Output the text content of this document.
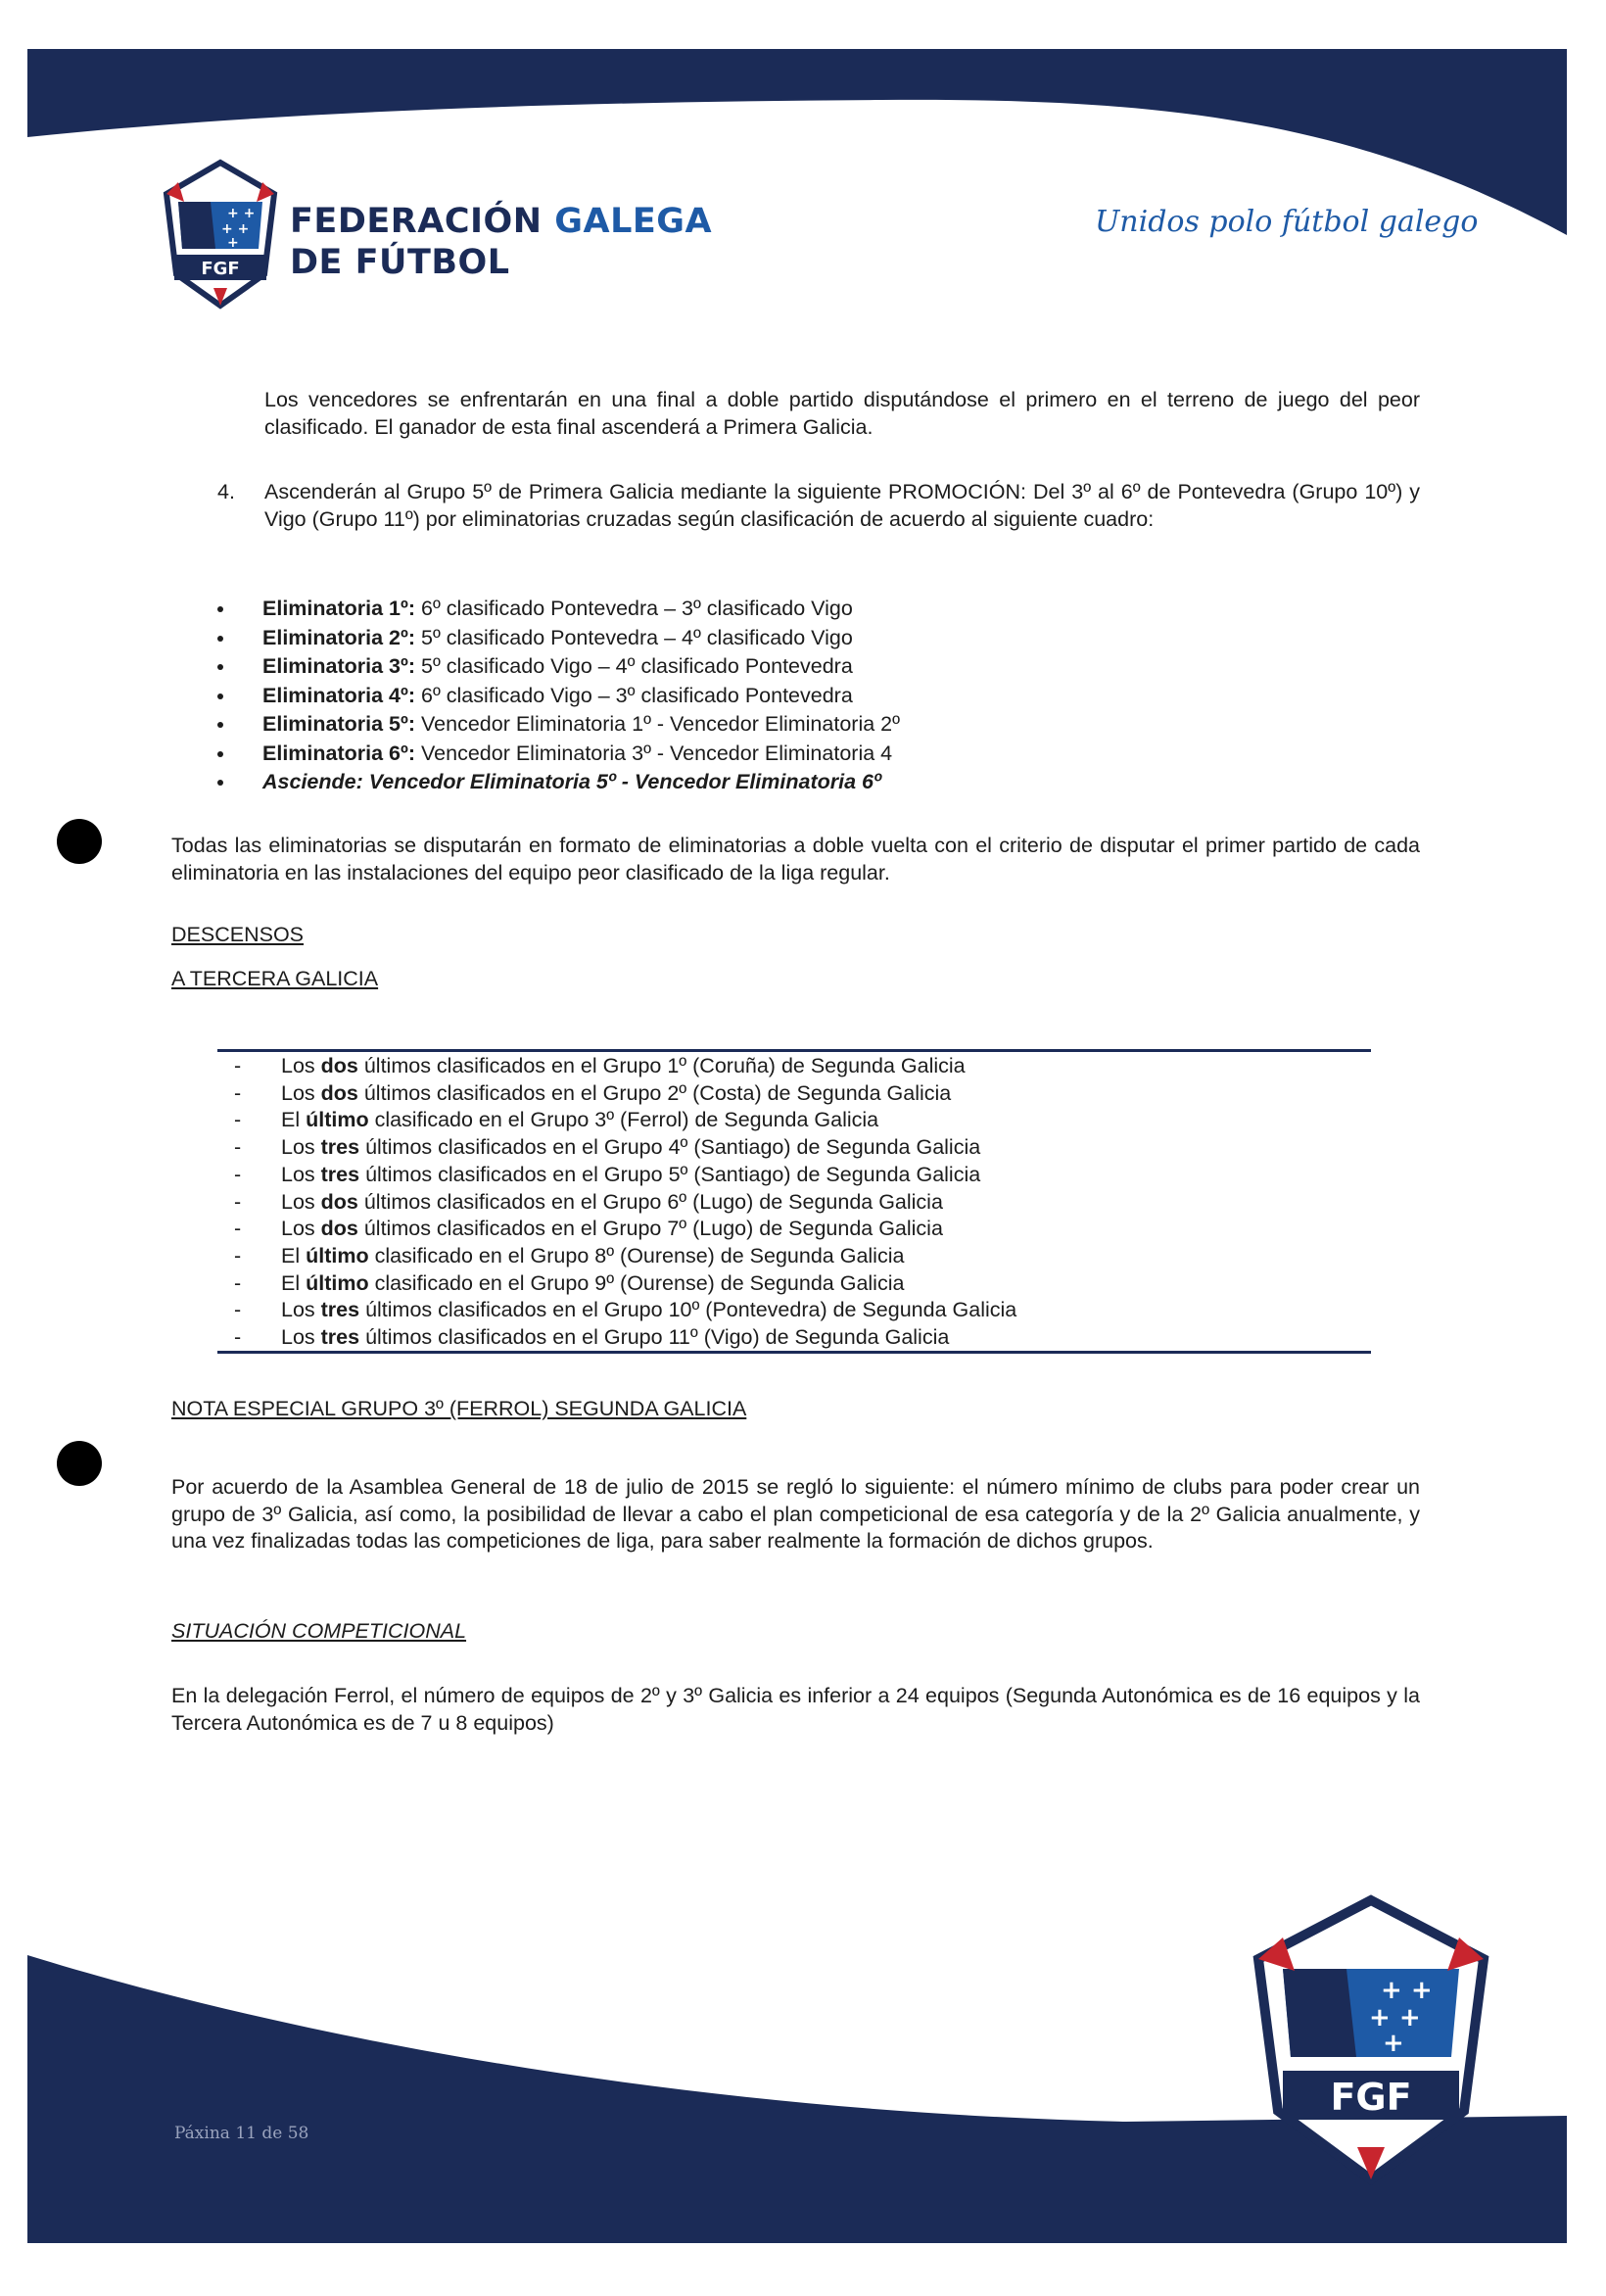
+ +
+ +
+
FGF
FEDERACIÓN GALEGA
DE FÚTBOL
Unidos polo fútbol galego
Los vencedores se enfrentarán en una final a doble partido disputándose el primero en el terreno de juego del peor clasificado. El ganador de esta final ascenderá a Primera Galicia.
4.	Ascenderán al Grupo 5º de Primera Galicia mediante la siguiente PROMOCIÓN: Del 3º al 6º de Pontevedra (Grupo 10º) y Vigo (Grupo 11º) por eliminatorias cruzadas según clasificación de acuerdo al siguiente cuadro:
Eliminatoria 1º: 6º clasificado Pontevedra – 3º clasificado Vigo
Eliminatoria 2º: 5º clasificado Pontevedra – 4º clasificado Vigo
Eliminatoria 3º: 5º clasificado Vigo – 4º clasificado Pontevedra
Eliminatoria 4º: 6º clasificado Vigo – 3º clasificado Pontevedra
Eliminatoria 5º: Vencedor Eliminatoria 1º - Vencedor Eliminatoria 2º
Eliminatoria 6º: Vencedor Eliminatoria 3º - Vencedor Eliminatoria 4
Asciende: Vencedor Eliminatoria 5º - Vencedor Eliminatoria 6º
Todas las eliminatorias se disputarán en formato de eliminatorias a doble vuelta con el criterio de disputar el primer partido de cada eliminatoria en las instalaciones del equipo peor clasificado de la liga regular.
DESCENSOS
A TERCERA GALICIA
- Los dos últimos clasificados en el Grupo 1º (Coruña) de Segunda Galicia
- Los dos últimos clasificados en el Grupo 2º (Costa) de Segunda Galicia
- El último clasificado en el Grupo 3º (Ferrol) de Segunda Galicia
- Los tres últimos clasificados en el Grupo 4º (Santiago) de Segunda Galicia
- Los tres últimos clasificados en el Grupo 5º (Santiago) de Segunda Galicia
- Los dos últimos clasificados en el Grupo 6º (Lugo) de Segunda Galicia
- Los dos últimos clasificados en el Grupo 7º (Lugo) de Segunda Galicia
- El último clasificado en el Grupo 8º (Ourense) de Segunda Galicia
- El último clasificado en el Grupo 9º (Ourense) de Segunda Galicia
- Los tres últimos clasificados en el Grupo 10º (Pontevedra) de Segunda Galicia
- Los tres últimos clasificados en el Grupo 11º (Vigo) de Segunda Galicia
NOTA ESPECIAL GRUPO 3º (FERROL) SEGUNDA GALICIA
Por acuerdo de la Asamblea General de 18 de julio de 2015 se regló lo siguiente: el número mínimo de clubs para poder crear un grupo de 3º Galicia, así como, la posibilidad de llevar a cabo el plan competicional de esa categoría y de la 2º Galicia anualmente, y una vez finalizadas todas las competiciones de liga, para saber realmente la formación de dichos grupos.
SITUACIÓN COMPETICIONAL
En la delegación Ferrol, el número de equipos de 2º y 3º Galicia es inferior a 24 equipos (Segunda Autonómica es de 16 equipos y la Tercera Autonómica es de 7 u 8 equipos)
+ +
+ +
+
FGF
Páxina 11 de 58
